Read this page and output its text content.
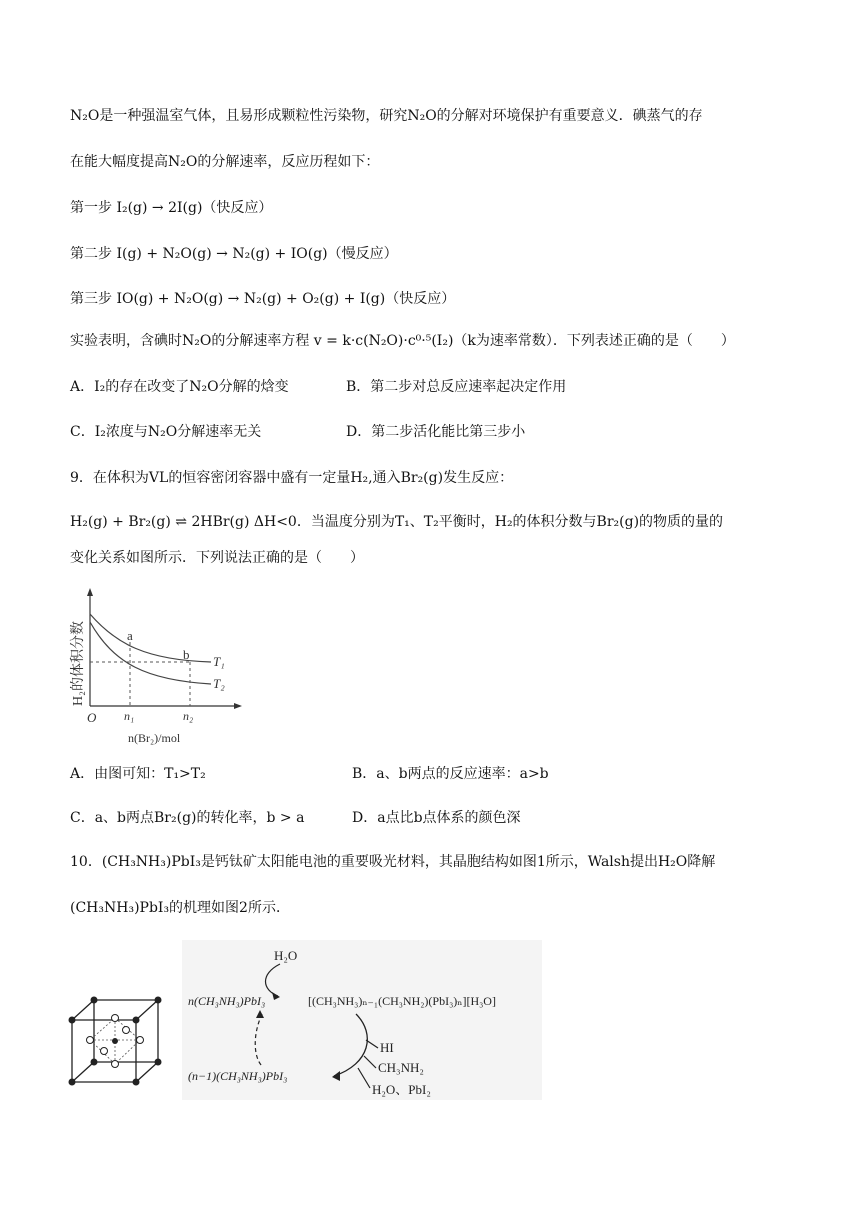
N₂O是一种强温室气体，且易形成颗粒性污染物，研究N₂O的分解对环境保护有重要意义．碘蒸气的存
在能大幅度提高N₂O的分解速率，反应历程如下：
第一步 I₂(g) → 2I(g)（快反应）
第二步 I(g) + N₂O(g) → N₂(g) + IO(g)（慢反应）
第三步 IO(g) + N₂O(g) → N₂(g) + O₂(g) + I(g)（快反应）
实验表明，含碘时N₂O的分解速率方程 v = k·c(N₂O)·c⁰·⁵(I₂)（k为速率常数）．下列表述正确的是（　　）
A．I₂的存在改变了N₂O分解的焓变	B．第二步对总反应速率起决定作用
C．I₂浓度与N₂O分解速率无关	D．第二步活化能比第三步小
9．在体积为VL的恒容密闭容器中盛有一定量H₂,通入Br₂(g)发生反应：
H₂(g) + Br₂(g) ⇌ 2HBr(g) ΔH<0．当温度分别为T₁、T₂平衡时，H₂的体积分数与Br₂(g)的物质的量的
变化关系如图所示．下列说法正确的是（　　）
a
b T₁
T₂
O n₁	n₂
n(Br₂)/mol
H₂的体积分数
A．由图可知：T₁>T₂	B．a、b两点的反应速率：a>b
C．a、b两点Br₂(g)的转化率，b > a	D．a点比b点体系的颜色深
10．(CH₃NH₃)PbI₃是钙钛矿太阳能电池的重要吸光材料，其晶胞结构如图1所示，Walsh提出H₂O降解
(CH₃NH₃)PbI₃的机理如图2所示．
H₂O
n(CH₃NH₃)PbI₃	[(CH₃NH₃)ₙ₋₁(CH₃NH₂)(PbI₃)ₙ][H₃O]
(n−1)(CH₃NH₃)PbI₃
HI
CH₃NH₂
H₂O、PbI₂
